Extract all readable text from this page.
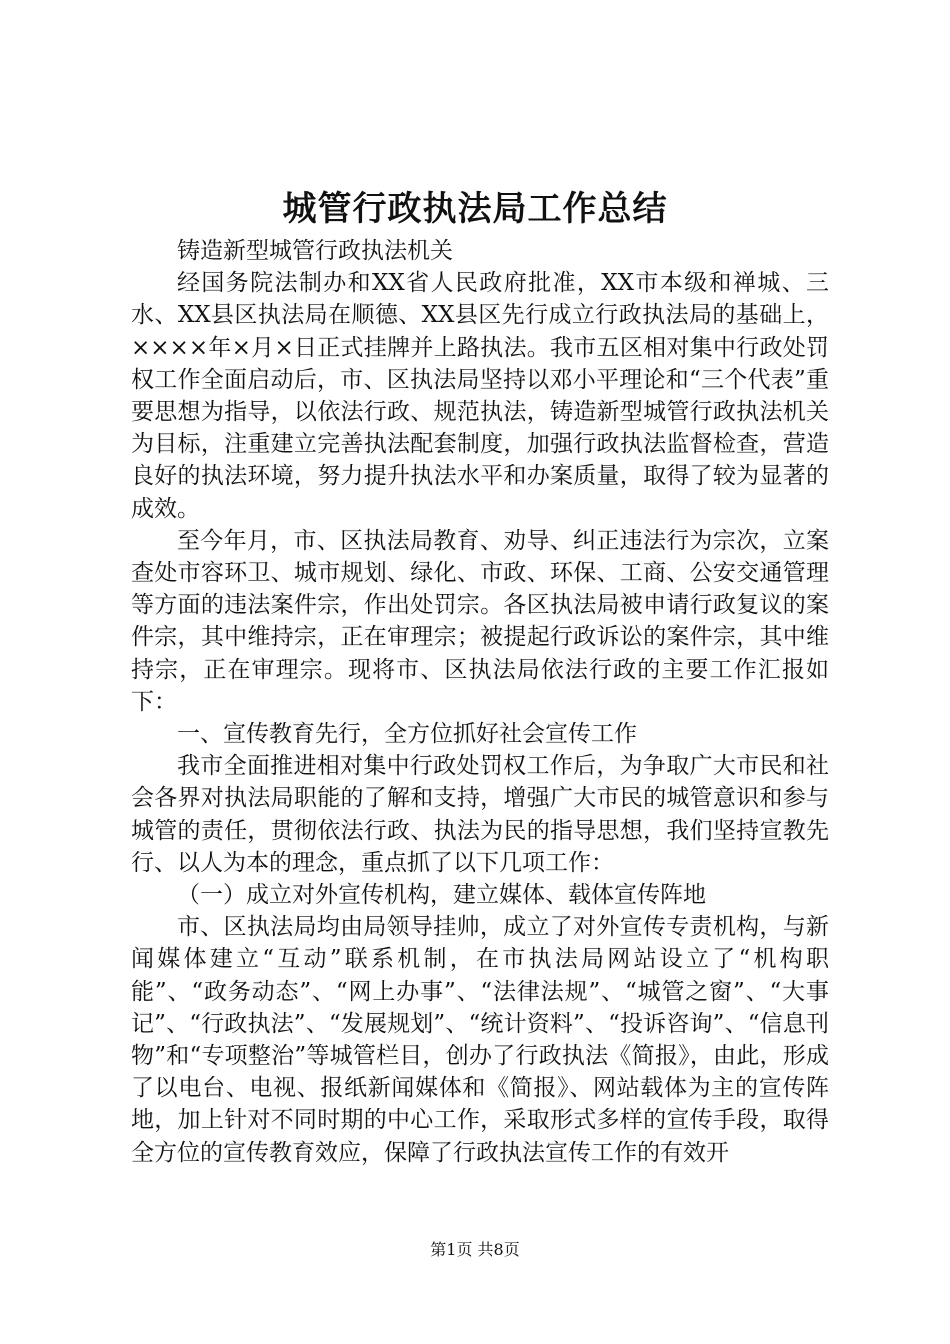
城管行政执法局工作总结

铸造新型城管行政执法机关

经国务院法制办和XX省人民政府批准，XX市本级和禅城、三水、XX县区执法局在顺德、XX县区先行成立行政执法局的基础上，××××年×月×日正式挂牌并上路执法。我市五区相对集中行政处罚权工作全面启动后，市、区执法局坚持以邓小平理论和“三个代表”重要思想为指导，以依法行政、规范执法，铸造新型城管行政执法机关为目标，注重建立完善执法配套制度，加强行政执法监督检查，营造良好的执法环境，努力提升执法水平和办案质量，取得了较为显著的成效。

至今年月，市、区执法局教育、劝导、纠正违法行为宗次，立案查处市容环卫、城市规划、绿化、市政、环保、工商、公安交通管理等方面的违法案件宗，作出处罚宗。各区执法局被申请行政复议的案件宗，其中维持宗，正在审理宗；被提起行政诉讼的案件宗，其中维持宗，正在审理宗。现将市、区执法局依法行政的主要工作汇报如下：

一、宣传教育先行，全方位抓好社会宣传工作

我市全面推进相对集中行政处罚权工作后，为争取广大市民和社会各界对执法局职能的了解和支持，增强广大市民的城管意识和参与城管的责任，贯彻依法行政、执法为民的指导思想，我们坚持宣教先行、以人为本的理念，重点抓了以下几项工作：

（一）成立对外宣传机构，建立媒体、载体宣传阵地

市、区执法局均由局领导挂帅，成立了对外宣传专责机构，与新闻媒体建立“互动”联系机制，在市执法局网站设立了“机构职能”、“政务动态”、“网上办事”、“法律法规”、“城管之窗”、“大事记”、“行政执法”、“发展规划”、“统计资料”、“投诉咨询”、“信息刊物”和“专项整治”等城管栏目，创办了行政执法《简报》，由此，形成了以电台、电视、报纸新闻媒体和《简报》、网站载体为主的宣传阵地，加上针对不同时期的中心工作，采取形式多样的宣传手段，取得全方位的宣传教育效应，保障了行政执法宣传工作的有效开

第1页 共8页
